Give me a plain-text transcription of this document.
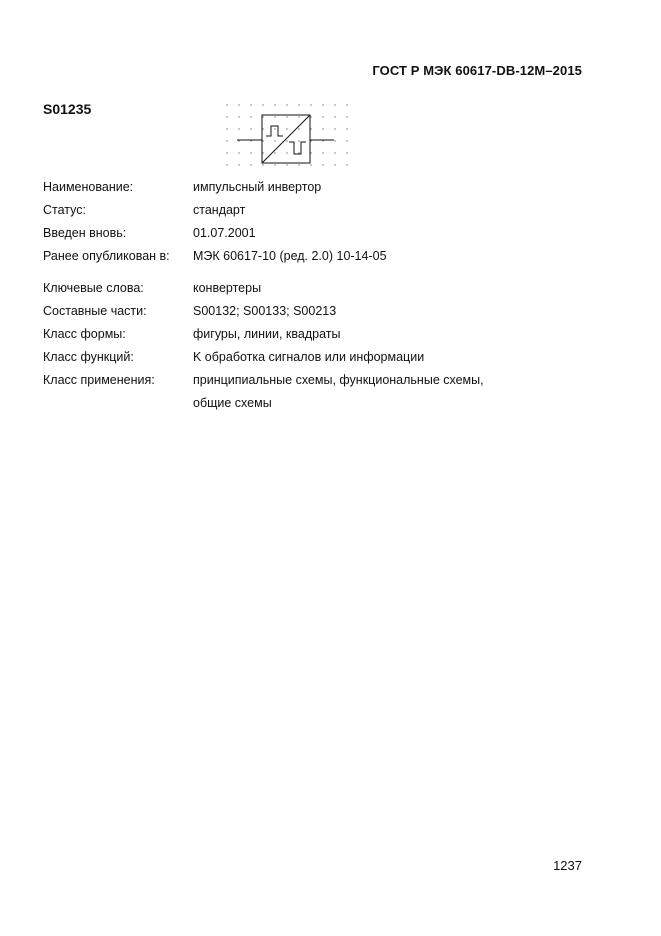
ГОСТ Р МЭК 60617-DB-12M–2015
S01235
Наименование:	импульсный инвертор
Статус:	стандарт
Введен вновь:	01.07.2001
Ранее опубликован в:	МЭК 60617-10 (ред. 2.0) 10-14-05
Ключевые слова:	конвертеры
Составные части:	S00132; S00133; S00213
Класс формы:	фигуры, линии, квадраты
Класс функций:	K обработка сигналов или информации
Класс применения:	принципиальные схемы, функциональные схемы,
общие схемы
1237
